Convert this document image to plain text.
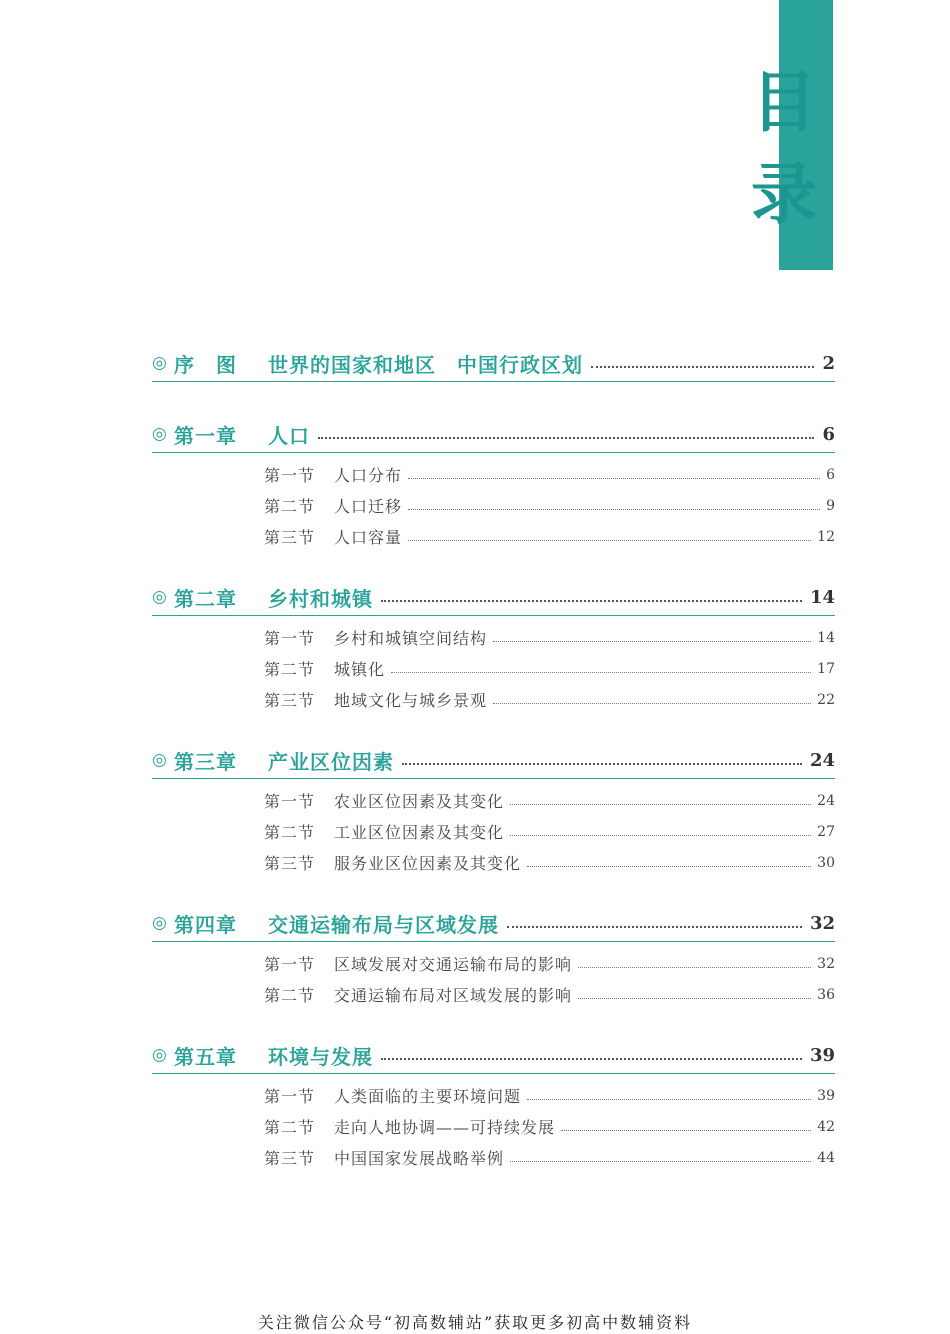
目
录
◎ 序　图	世界的国家和地区　中国行政区划	2
◎ 第一章	人口	6
第一节	人口分布	6
第二节	人口迁移	9
第三节	人口容量	12
◎ 第二章	乡村和城镇	14
第一节	乡村和城镇空间结构	14
第二节	城镇化	17
第三节	地域文化与城乡景观	22
◎ 第三章	产业区位因素	24
第一节	农业区位因素及其变化	24
第二节	工业区位因素及其变化	27
第三节	服务业区位因素及其变化	30
◎ 第四章	交通运输布局与区域发展	32
第一节	区域发展对交通运输布局的影响	32
第二节	交通运输布局对区域发展的影响	36
◎ 第五章	环境与发展	39
第一节	人类面临的主要环境问题	39
第二节	走向人地协调——可持续发展	42
第三节	中国国家发展战略举例	44
关注微信公众号“初高数辅站”获取更多初高中数辅资料
